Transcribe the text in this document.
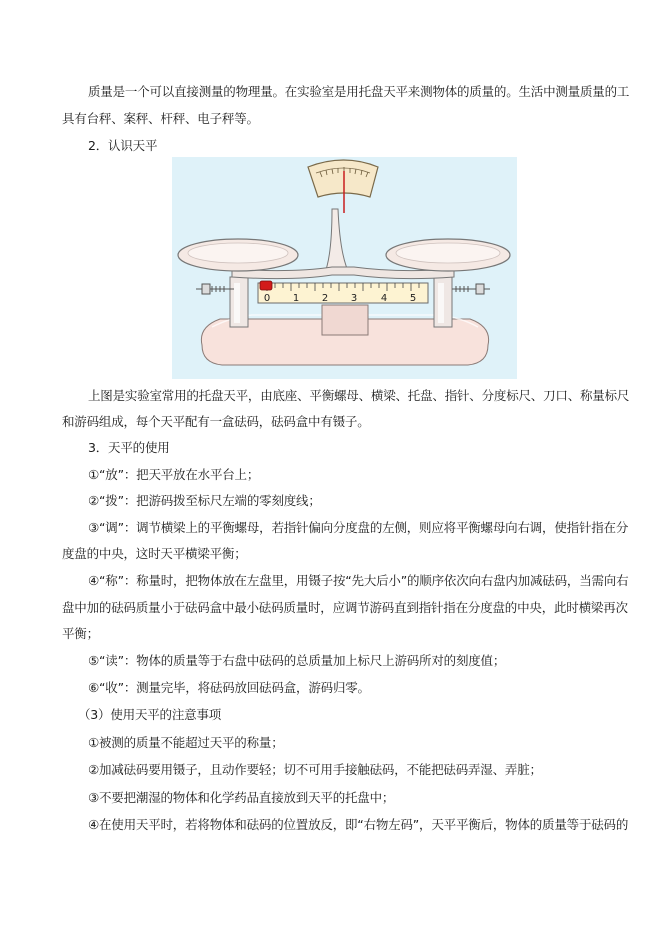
质量是一个可以直接测量的物理量。在实验室是用托盘天平来测物体的质量的。生活中测量质量的工
具有台秤、案秤、杆秤、电子秤等。
2．认识天平
0 1 2 3 4 5
上图是实验室常用的托盘天平，由底座、平衡螺母、横梁、托盘、指针、分度标尺、刀口、称量标尺
和游码组成，每个天平配有一盒砝码，砝码盒中有镊子。
3．天平的使用
①“放”：把天平放在水平台上；
②“拨”：把游码拨至标尺左端的零刻度线；
③“调”：调节横梁上的平衡螺母，若指针偏向分度盘的左侧，则应将平衡螺母向右调，使指针指在分
度盘的中央，这时天平横梁平衡；
④“称”：称量时，把物体放在左盘里，用镊子按“先大后小”的顺序依次向右盘内加减砝码，当需向右
盘中加的砝码质量小于砝码盒中最小砝码质量时，应调节游码直到指针指在分度盘的中央，此时横梁再次
平衡；
⑤“读”：物体的质量等于右盘中砝码的总质量加上标尺上游码所对的刻度值；
⑥“收”：测量完毕，将砝码放回砝码盒，游码归零。
（3）使用天平的注意事项
①被测的质量不能超过天平的称量；
②加减砝码要用镊子，且动作要轻；切不可用手接触砝码，不能把砝码弄湿、弄脏；
③不要把潮湿的物体和化学药品直接放到天平的托盘中；
④在使用天平时，若将物体和砝码的位置放反，即“右物左码”，天平平衡后，物体的质量等于砝码的
